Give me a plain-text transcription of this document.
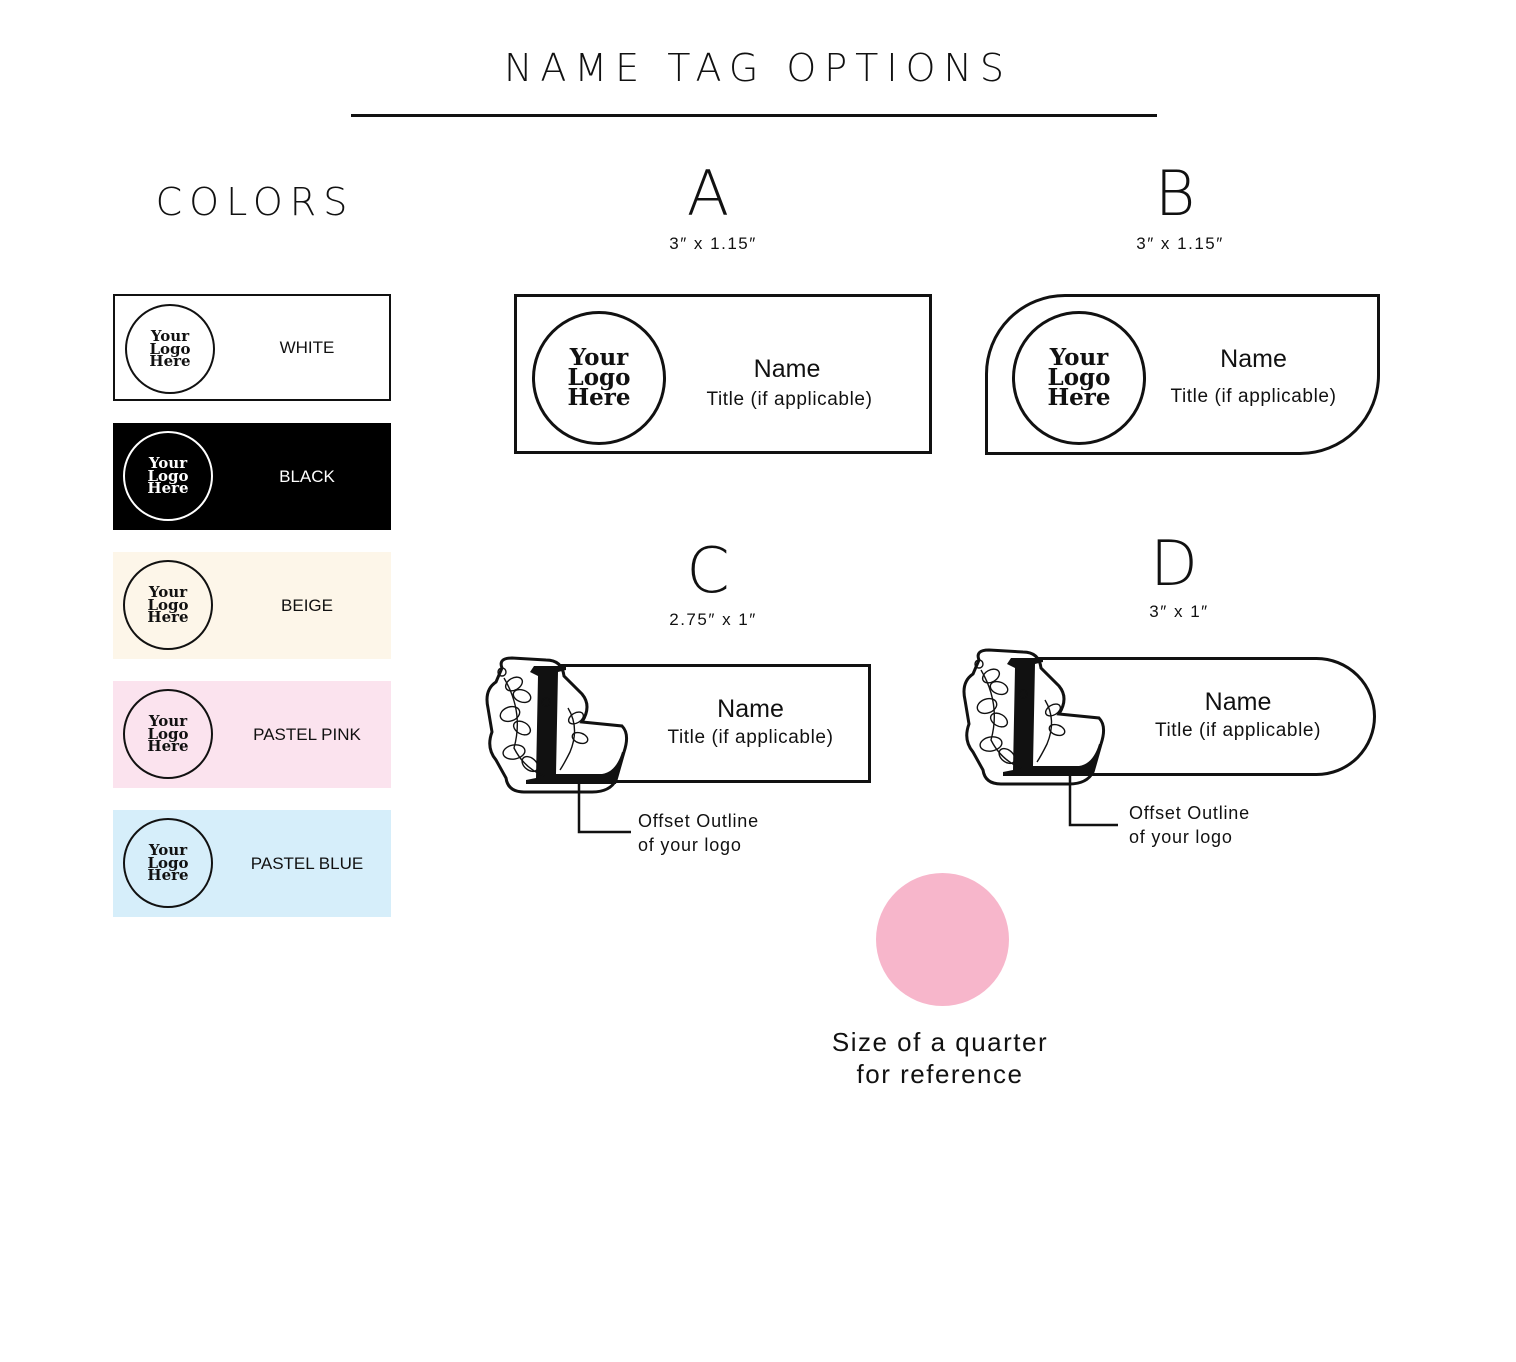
NAME TAG OPTIONS
COLORS
Your
Logo
Here
WHITE
Your
Logo
Here
BLACK
Your
Logo
Here
BEIGE
Your
Logo
Here
PASTEL PINK
Your
Logo
Here
PASTEL BLUE
A
3″ x 1.15″
Your
Logo
Here
Name
Title (if applicable)
B
3″ x 1.15″
Your
Logo
Here
Name
Title (if applicable)
C
2.75″ x 1″
Name
Title (if applicable)
Offset Outline
of your logo
D
3″ x 1″
Name
Title (if applicable)
Offset Outline
of your logo
Size of a quarter
for reference
